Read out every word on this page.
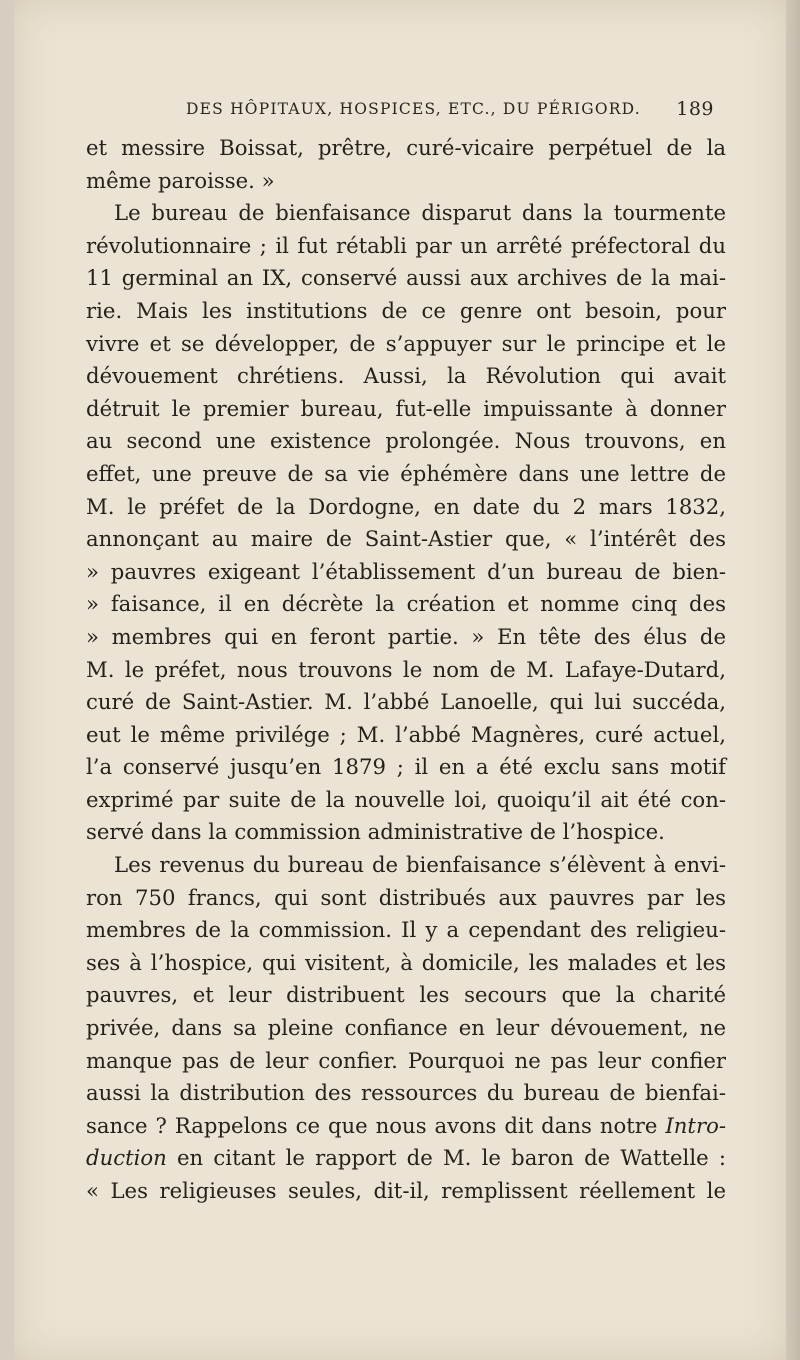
DES HÔPITAUX, HOSPICES, ETC., DU PÉRIGORD. 189
et messire Boissat, prêtre, curé-vicaire perpétuel de la
même paroisse. »
Le bureau de bienfaisance disparut dans la tourmente
révolutionnaire ; il fut rétabli par un arrêté préfectoral du
11 germinal an IX, conservé aussi aux archives de la mai-
rie. Mais les institutions de ce genre ont besoin, pour
vivre et se développer, de s’appuyer sur le principe et le
dévouement chrétiens. Aussi, la Révolution qui avait
détruit le premier bureau, fut-elle impuissante à donner
au second une existence prolongée. Nous trouvons, en
effet, une preuve de sa vie éphémère dans une lettre de
M. le préfet de la Dordogne, en date du 2 mars 1832,
annonçant au maire de Saint-Astier que, « l’intérêt des
» pauvres exigeant l’établissement d’un bureau de bien-
» faisance, il en décrète la création et nomme cinq des
» membres qui en feront partie. » En tête des élus de
M. le préfet, nous trouvons le nom de M. Lafaye-Dutard,
curé de Saint-Astier. M. l’abbé Lanoelle, qui lui succéda,
eut le même privilége ; M. l’abbé Magnères, curé actuel,
l’a conservé jusqu’en 1879 ; il en a été exclu sans motif
exprimé par suite de la nouvelle loi, quoiqu’il ait été con-
servé dans la commission administrative de l’hospice.
Les revenus du bureau de bienfaisance s’élèvent à envi-
ron 750 francs, qui sont distribués aux pauvres par les
membres de la commission. Il y a cependant des religieu-
ses à l’hospice, qui visitent, à domicile, les malades et les
pauvres, et leur distribuent les secours que la charité
privée, dans sa pleine confiance en leur dévouement, ne
manque pas de leur confier. Pourquoi ne pas leur confier
aussi la distribution des ressources du bureau de bienfai-
sance ? Rappelons ce que nous avons dit dans notre Intro-
duction en citant le rapport de M. le baron de Wattelle :
« Les religieuses seules, dit-il, remplissent réellement le
